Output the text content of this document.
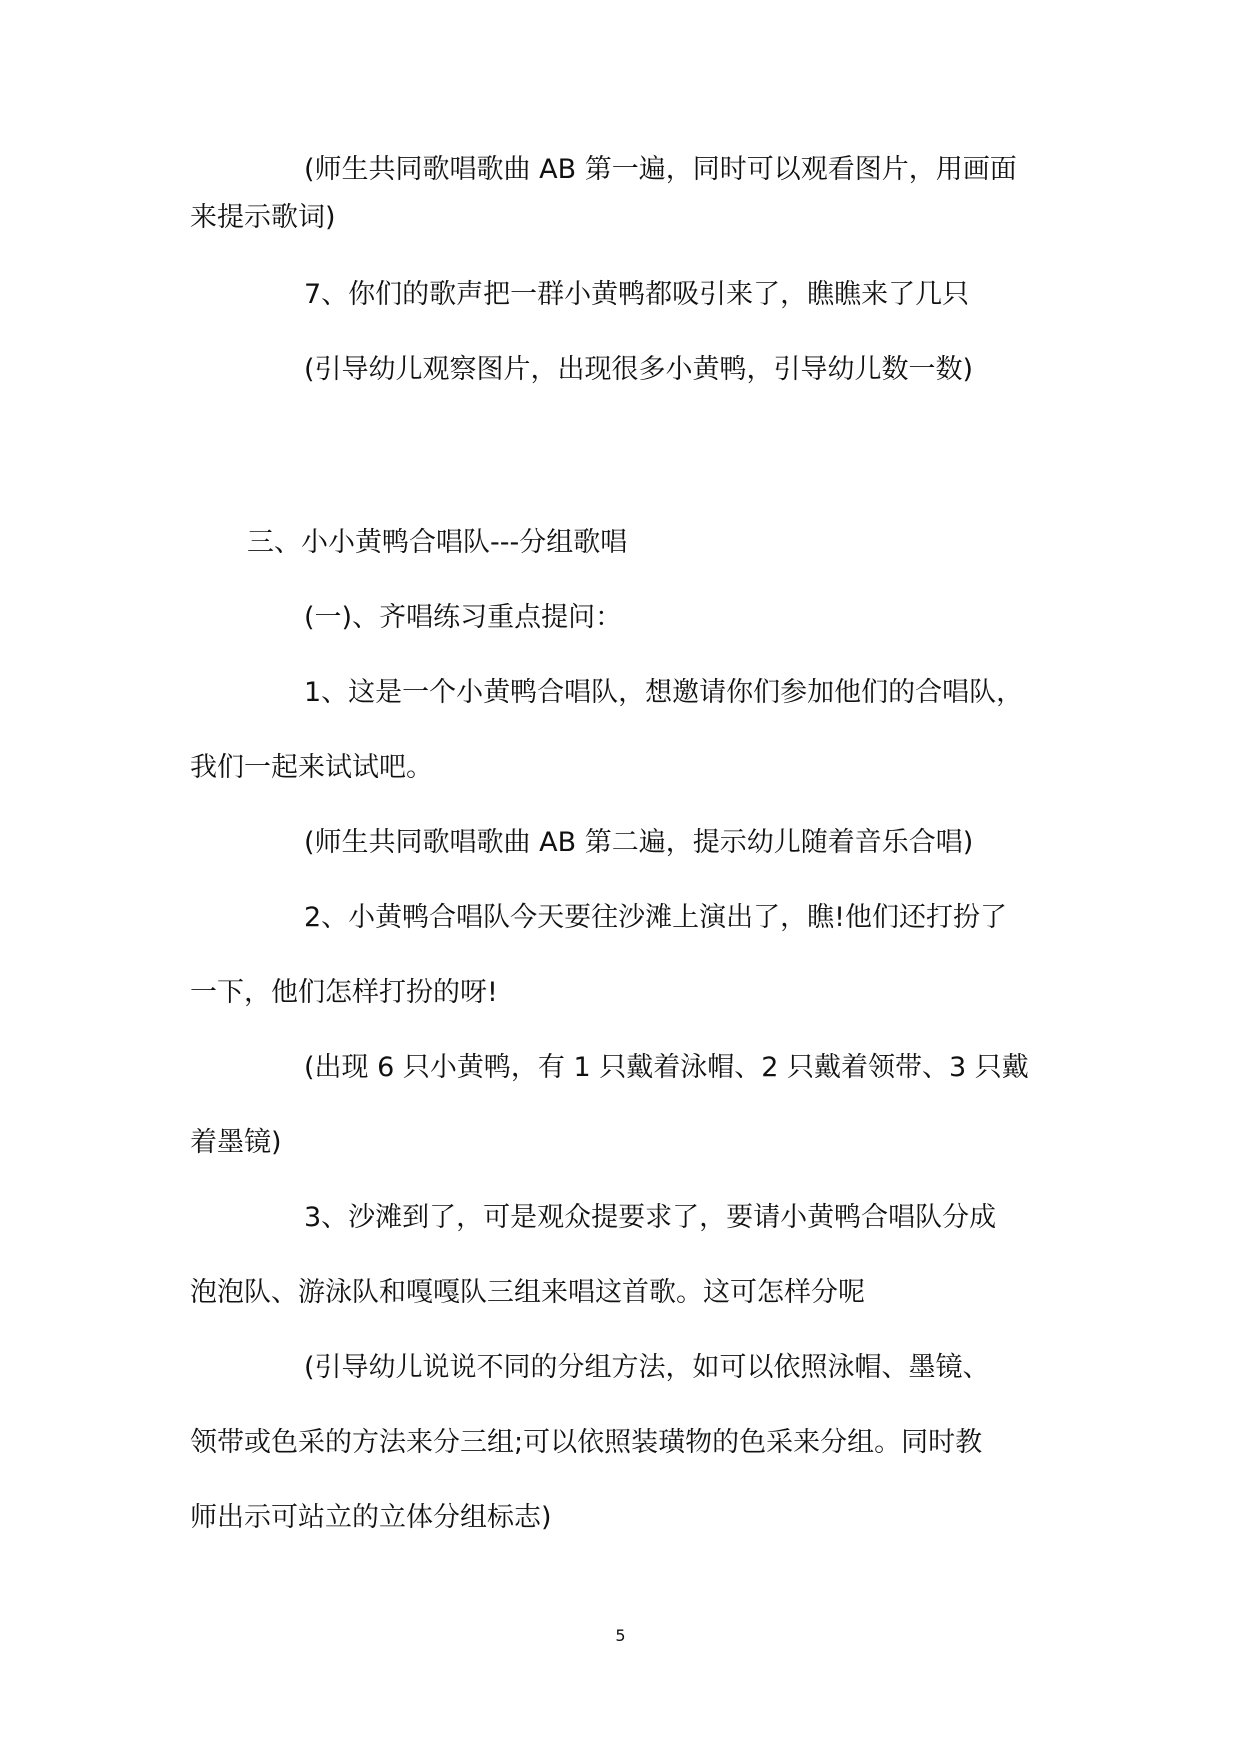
(师生共同歌唱歌曲 AB 第一遍，同时可以观看图片，用画面

来提示歌词)

7、你们的歌声把一群小黄鸭都吸引来了，瞧瞧来了几只

(引导幼儿观察图片，出现很多小黄鸭，引导幼儿数一数)

三、小小黄鸭合唱队---分组歌唱

(一)、齐唱练习重点提问：

1、这是一个小黄鸭合唱队，想邀请你们参加他们的合唱队，

我们一起来试试吧。

(师生共同歌唱歌曲 AB 第二遍，提示幼儿随着音乐合唱)

2、小黄鸭合唱队今天要往沙滩上演出了，瞧!他们还打扮了

一下，他们怎样打扮的呀!

(出现 6 只小黄鸭，有 1 只戴着泳帽、2 只戴着领带、3 只戴

着墨镜)

3、沙滩到了，可是观众提要求了，要请小黄鸭合唱队分成

泡泡队、游泳队和嘎嘎队三组来唱这首歌。这可怎样分呢

(引导幼儿说说不同的分组方法，如可以依照泳帽、墨镜、

领带或色采的方法来分三组;可以依照装璜物的色采来分组。同时教

师出示可站立的立体分组标志)

5
